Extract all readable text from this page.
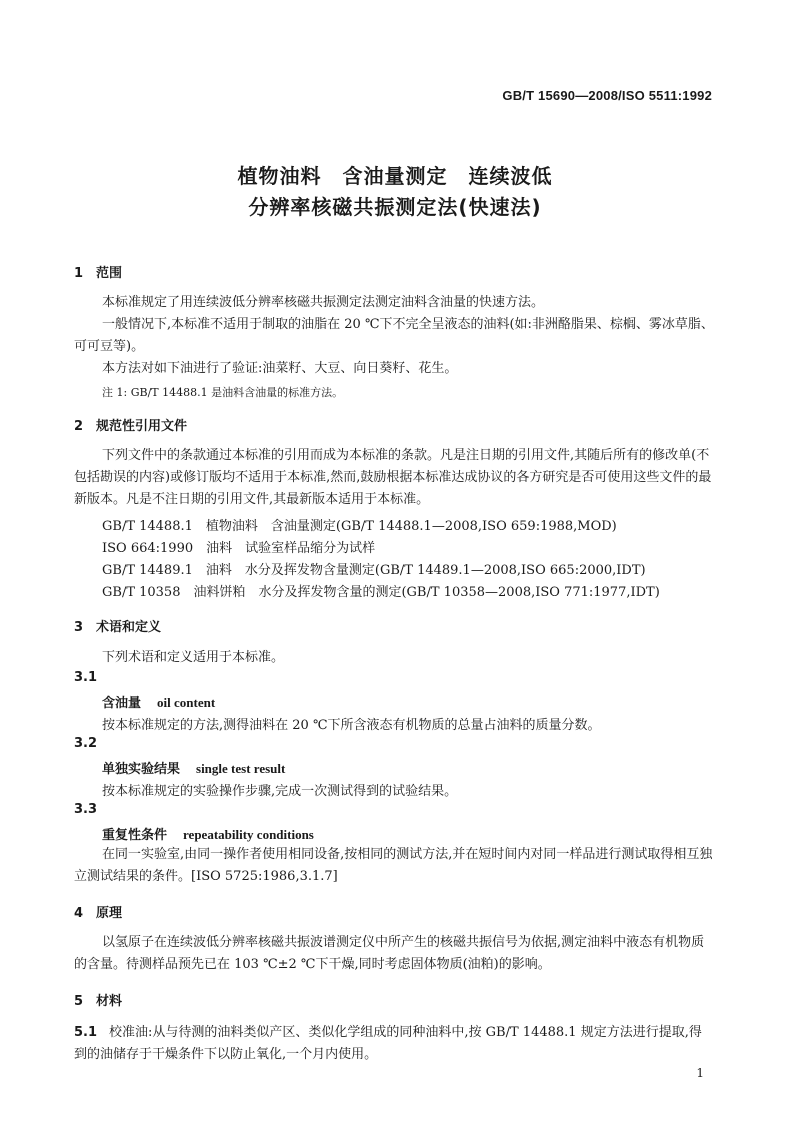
GB/T 15690—2008/ISO 5511:1992
植物油料　含油量测定　连续波低
分辨率核磁共振测定法(快速法)
1 范围
本标准规定了用连续波低分辨率核磁共振测定法测定油料含油量的快速方法。
一般情况下,本标准不适用于制取的油脂在 20 ℃下不完全呈液态的油料(如:非洲酪脂果、棕榈、雾冰草脂、可可豆等)。
本方法对如下油进行了验证:油菜籽、大豆、向日葵籽、花生。
注 1: GB/T 14488.1 是油料含油量的标准方法。
2 规范性引用文件
下列文件中的条款通过本标准的引用而成为本标准的条款。凡是注日期的引用文件,其随后所有的修改单(不包括勘误的内容)或修订版均不适用于本标准,然而,鼓励根据本标准达成协议的各方研究是否可使用这些文件的最新版本。凡是不注日期的引用文件,其最新版本适用于本标准。
GB/T 14488.1　植物油料　含油量测定(GB/T 14488.1—2008,ISO 659:1988,MOD)
ISO 664:1990　油料　试验室样品缩分为试样
GB/T 14489.1　油料　水分及挥发物含量测定(GB/T 14489.1—2008,ISO 665:2000,IDT)
GB/T 10358　油料饼粕　水分及挥发物含量的测定(GB/T 10358—2008,ISO 771:1977,IDT)
3 术语和定义
下列术语和定义适用于本标准。
3.1
含油量 oil content
按本标准规定的方法,测得油料在 20 ℃下所含液态有机物质的总量占油料的质量分数。
3.2
单独实验结果 single test result
按本标准规定的实验操作步骤,完成一次测试得到的试验结果。
3.3
重复性条件 repeatability conditions
在同一实验室,由同一操作者使用相同设备,按相同的测试方法,并在短时间内对同一样品进行测试取得相互独立测试结果的条件。[ISO 5725:1986,3.1.7]
4 原理
以氢原子在连续波低分辨率核磁共振波谱测定仪中所产生的核磁共振信号为依据,测定油料中液态有机物质的含量。待测样品预先已在 103 ℃±2 ℃下干燥,同时考虑固体物质(油粕)的影响。
5 材料
5.1 校准油:从与待测的油料类似产区、类似化学组成的同种油料中,按 GB/T 14488.1 规定方法进行提取,得到的油储存于干燥条件下以防止氧化,一个月内使用。
1
